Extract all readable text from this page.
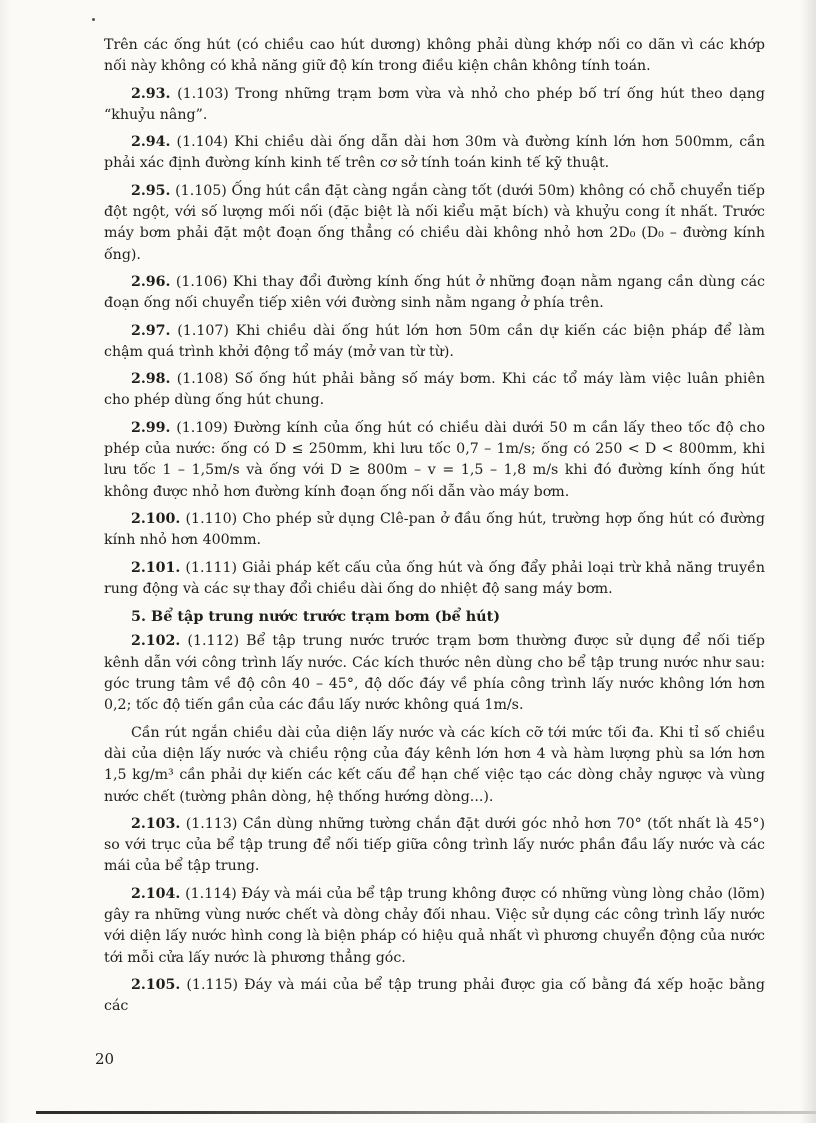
Trên các ống hút (có chiều cao hút dương) không phải dùng khớp nối co dãn vì các khớp nối này không có khả năng giữ độ kín trong điều kiện chân không tính toán.

2.93. (1.103) Trong những trạm bơm vừa và nhỏ cho phép bố trí ống hút theo dạng “khuỷu nâng”.

2.94. (1.104) Khi chiều dài ống dẫn dài hơn 30m và đường kính lớn hơn 500mm, cần phải xác định đường kính kinh tế trên cơ sở tính toán kinh tế kỹ thuật.

2.95. (1.105) Ống hút cần đặt càng ngắn càng tốt (dưới 50m) không có chỗ chuyển tiếp đột ngột, với số lượng mối nối (đặc biệt là nối kiểu mặt bích) và khuỷu cong ít nhất. Trước máy bơm phải đặt một đoạn ống thẳng có chiều dài không nhỏ hơn 2D₀ (D₀ – đường kính ống).

2.96. (1.106) Khi thay đổi đường kính ống hút ở những đoạn nằm ngang cần dùng các đoạn ống nối chuyển tiếp xiên với đường sinh nằm ngang ở phía trên.

2.97. (1.107) Khi chiều dài ống hút lớn hơn 50m cần dự kiến các biện pháp để làm chậm quá trình khởi động tổ máy (mở van từ từ).

2.98. (1.108) Số ống hút phải bằng số máy bơm. Khi các tổ máy làm việc luân phiên cho phép dùng ống hút chung.

2.99. (1.109) Đường kính của ống hút có chiều dài dưới 50 m cần lấy theo tốc độ cho phép của nước: ống có D ≤ 250mm, khi lưu tốc 0,7 – 1m/s; ống có 250 < D < 800mm, khi lưu tốc 1 – 1,5m/s và ống với D ≥ 800m – v = 1,5 – 1,8 m/s khi đó đường kính ống hút không được nhỏ hơn đường kính đoạn ống nối dẫn vào máy bơm.

2.100. (1.110) Cho phép sử dụng Clê-pan ở đầu ống hút, trường hợp ống hút có đường kính nhỏ hơn 400mm.

2.101. (1.111) Giải pháp kết cấu của ống hút và ống đẩy phải loại trừ khả năng truyền rung động và các sự thay đổi chiều dài ống do nhiệt độ sang máy bơm.

5. Bể tập trung nước trước trạm bơm (bể hút)

2.102. (1.112) Bể tập trung nước trước trạm bơm thường được sử dụng để nối tiếp kênh dẫn với công trình lấy nước. Các kích thước nên dùng cho bể tập trung nước như sau: góc trung tâm về độ côn 40 – 45°, độ dốc đáy về phía công trình lấy nước không lớn hơn 0,2; tốc độ tiến gần của các đầu lấy nước không quá 1m/s.

Cần rút ngắn chiều dài của diện lấy nước và các kích cỡ tới mức tối đa. Khi tỉ số chiều dài của diện lấy nước và chiều rộng của đáy kênh lớn hơn 4 và hàm lượng phù sa lớn hơn 1,5 kg/m³ cần phải dự kiến các kết cấu để hạn chế việc tạo các dòng chảy ngược và vùng nước chết (tường phân dòng, hệ thống hướng dòng...).

2.103. (1.113) Cần dùng những tường chắn đặt dưới góc nhỏ hơn 70° (tốt nhất là 45°) so với trục của bể tập trung để nối tiếp giữa công trình lấy nước phần đầu lấy nước và các mái của bể tập trung.

2.104. (1.114) Đáy và mái của bể tập trung không được có những vùng lòng chảo (lõm) gây ra những vùng nước chết và dòng chảy đối nhau. Việc sử dụng các công trình lấy nước với diện lấy nước hình cong là biện pháp có hiệu quả nhất vì phương chuyển động của nước tới mỗi cửa lấy nước là phương thẳng góc.

2.105. (1.115) Đáy và mái của bể tập trung phải được gia cố bằng đá xếp hoặc bằng các

20
